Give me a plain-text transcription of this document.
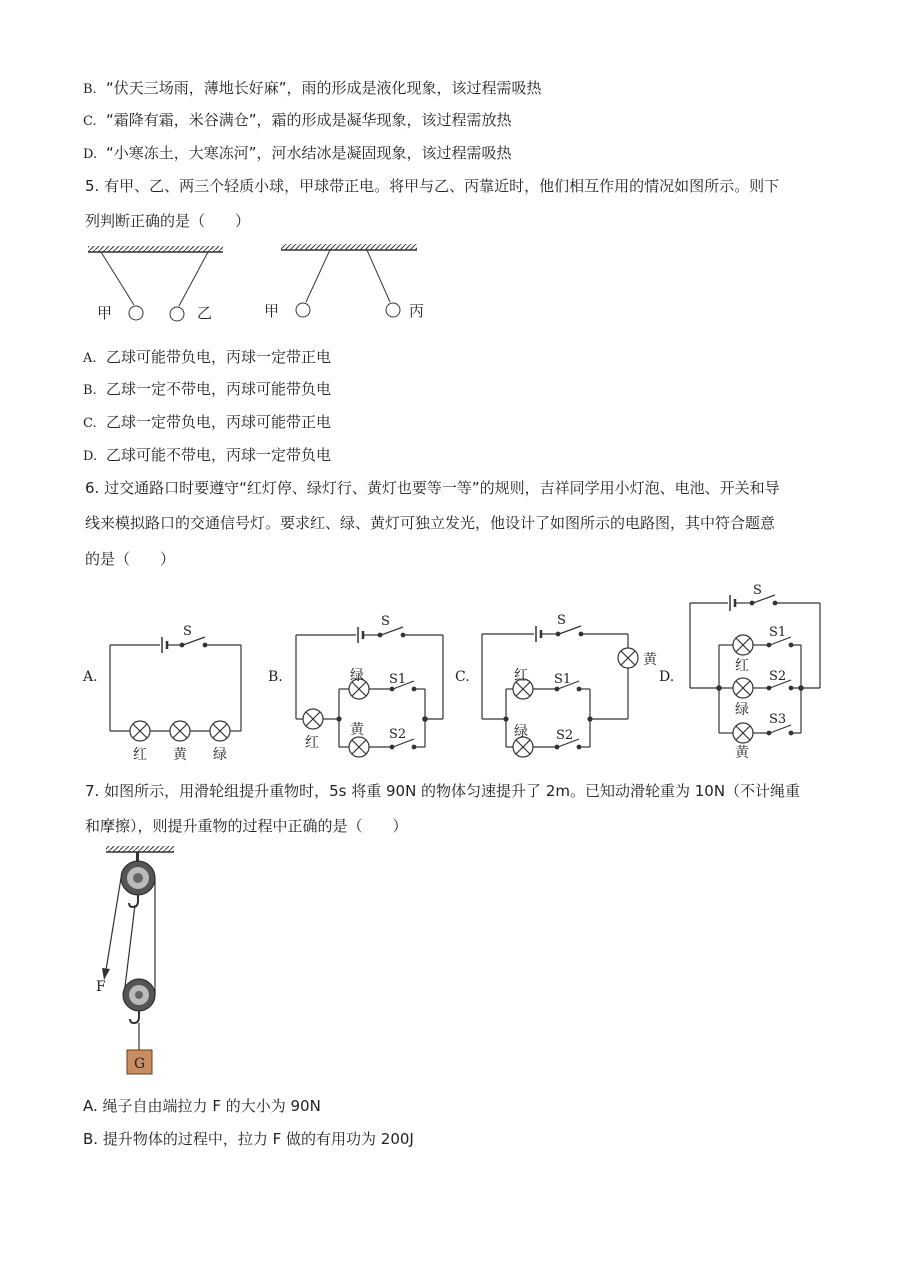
B. “伏天三场雨，薄地长好麻”，雨的形成是液化现象，该过程需吸热
C. “霜降有霜，米谷满仓”，霜的形成是凝华现象，该过程需放热
D. “小寒冻土，大寒冻河”，河水结冰是凝固现象，该过程需吸热
5. 有甲、乙、两三个轻质小球，甲球带正电。将甲与乙、丙靠近时，他们相互作用的情况如图所示。则下
列判断正确的是（　　）
甲	乙	甲	丙
A.
S
红 黄 绿
B.
S
绿 S1
黄 S2
红
C.
S
黄
红 S1
绿 S2
D.
S
S1
红
S2
绿
S3
黄
F
G
A. 乙球可能带负电，丙球一定带正电
B. 乙球一定不带电，丙球可能带负电
C. 乙球一定带负电，丙球可能带正电
D. 乙球可能不带电，丙球一定带负电
6. 过交通路口时要遵守“红灯停、绿灯行、黄灯也要等一等”的规则，吉祥同学用小灯泡、电池、开关和导
线来模拟路口的交通信号灯。要求红、绿、黄灯可独立发光，他设计了如图所示的电路图，其中符合题意
的是（　　）
7. 如图所示，用滑轮组提升重物时，5s 将重 90N 的物体匀速提升了 2m。已知动滑轮重为 10N（不计绳重
和摩擦），则提升重物的过程中正确的是（　　）
A. 绳子自由端拉力 F 的大小为 90N
B. 提升物体的过程中，拉力 F 做的有用功为 200J
